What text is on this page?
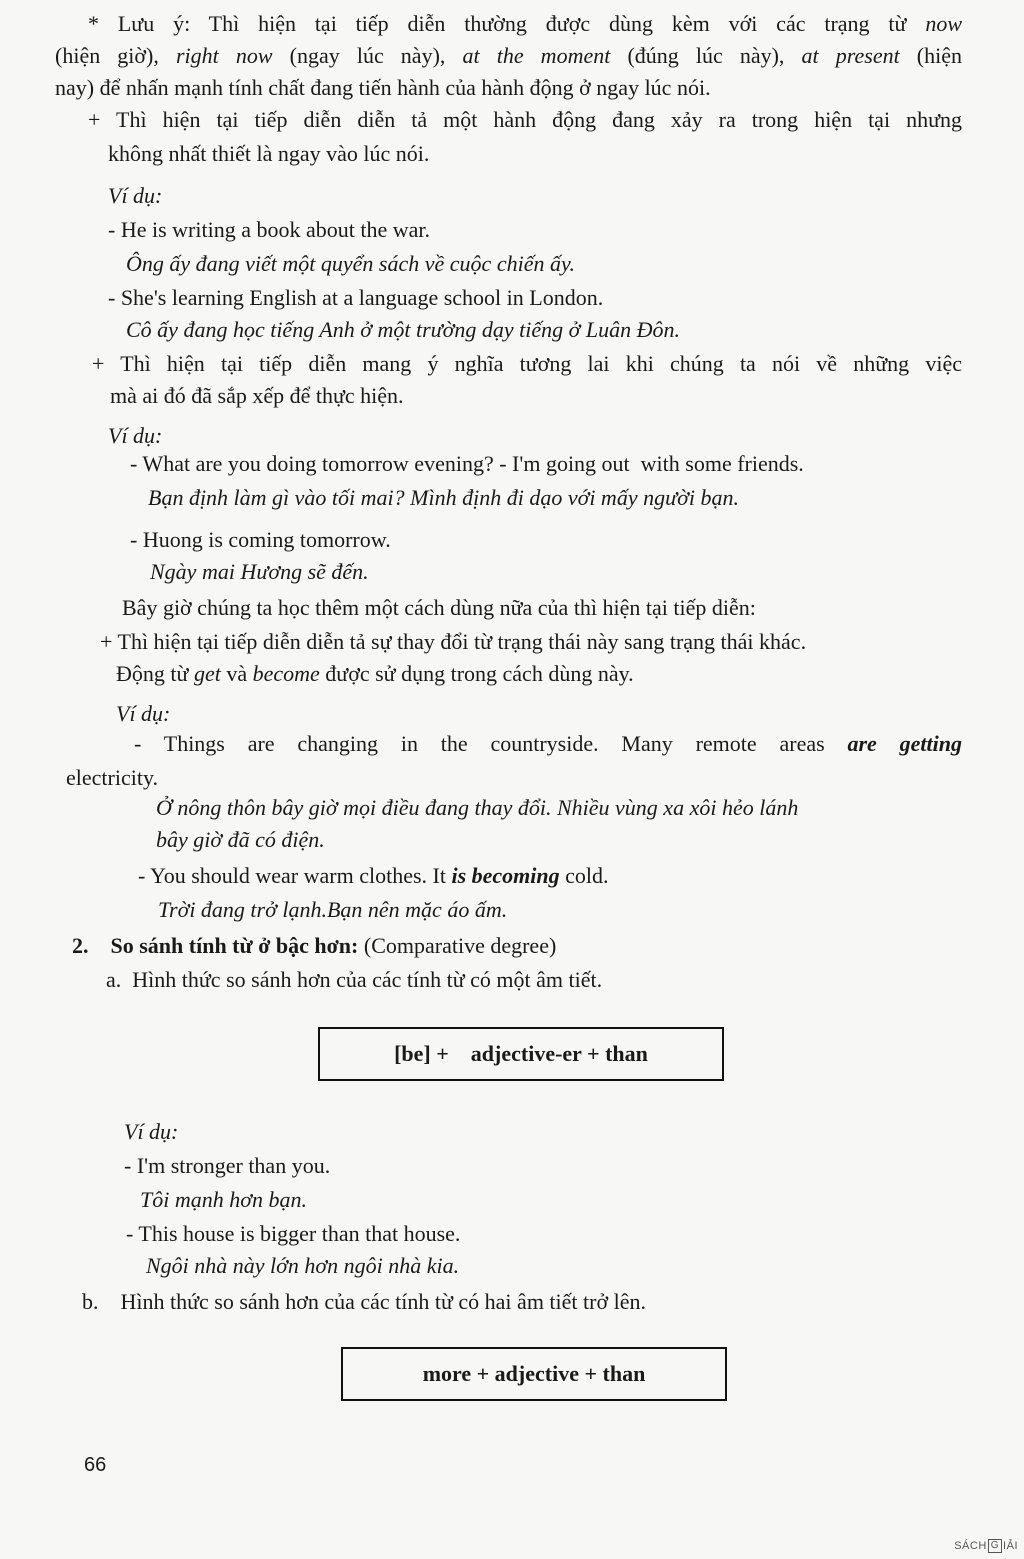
* Lưu ý: Thì hiện tại tiếp diễn thường được dùng kèm với các trạng từ now
(hiện giờ), right now (ngay lúc này), at the moment (đúng lúc này), at present (hiện
nay) để nhấn mạnh tính chất đang tiến hành của hành động ở ngay lúc nói.
+ Thì hiện tại tiếp diễn diễn tả một hành động đang xảy ra trong hiện tại nhưng
không nhất thiết là ngay vào lúc nói.
Ví dụ:
- He is writing a book about the war.
Ông ấy đang viết một quyển sách về cuộc chiến ấy.
- She's learning English at a language school in London.
Cô ấy đang học tiếng Anh ở một trường dạy tiếng ở Luân Đôn.
+ Thì hiện tại tiếp diễn mang ý nghĩa tương lai khi chúng ta nói về những việc
mà ai đó đã sắp xếp để thực hiện.
Ví dụ:
- What are you doing tomorrow evening? - I'm going out  with some friends.
Bạn định làm gì vào tối mai? Mình định đi dạo với mấy người bạn.
- Huong is coming tomorrow.
Ngày mai Hương sẽ đến.
Bây giờ chúng ta học thêm một cách dùng nữa của thì hiện tại tiếp diễn:
+ Thì hiện tại tiếp diễn diễn tả sự thay đổi từ trạng thái này sang trạng thái khác.
Động từ get và become được sử dụng trong cách dùng này.
Ví dụ:
- Things are changing in the countryside. Many remote areas are getting
electricity.
Ở nông thôn bây giờ mọi điều đang thay đổi. Nhiều vùng xa xôi hẻo lánh
bây giờ đã có điện.
- You should wear warm clothes. It is becoming cold.
Trời đang trở lạnh.Bạn nên mặc áo ấm.
2.    So sánh tính từ ở bậc hơn: (Comparative degree)
a.  Hình thức so sánh hơn của các tính từ có một âm tiết.
Ví dụ:
- I'm stronger than you.
Tôi mạnh hơn bạn.
- This house is bigger than that house.
Ngôi nhà này lớn hơn ngôi nhà kia.
b.    Hình thức so sánh hơn của các tính từ có hai âm tiết trở lên.
[be] +    adjective-er + than
more + adjective + than
66
SÁCH G IẢI
